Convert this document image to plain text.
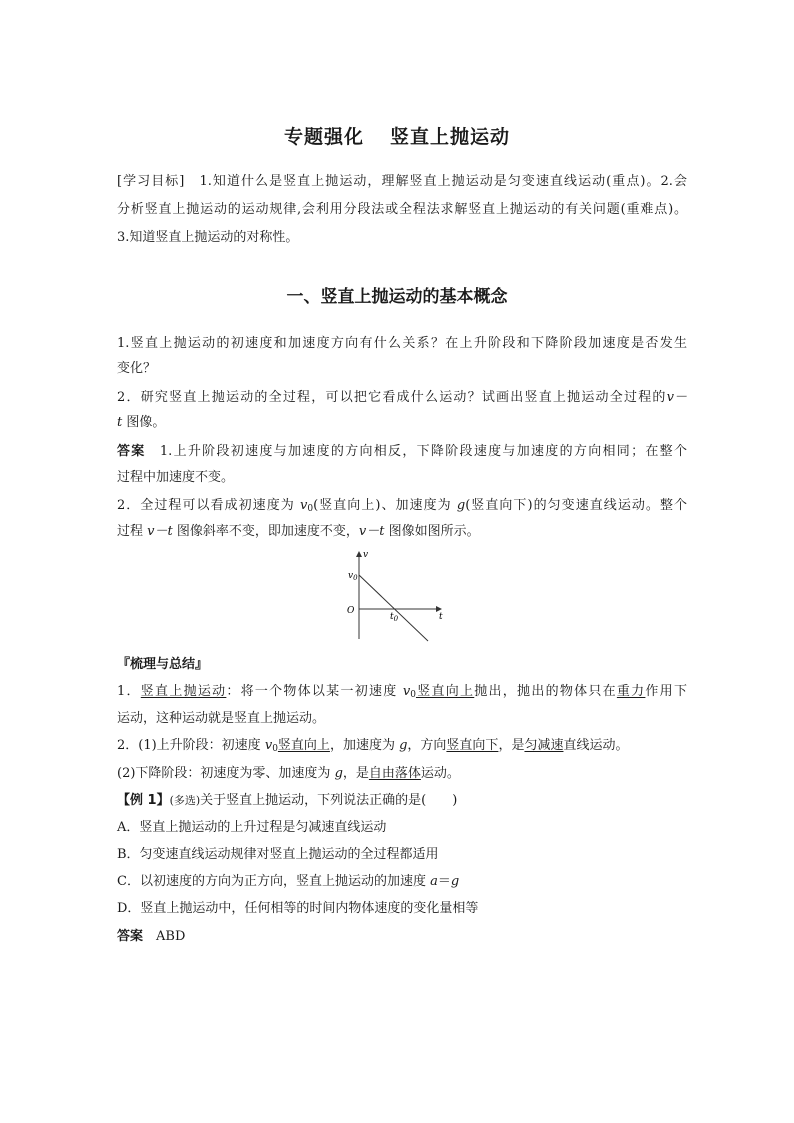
专题强化 竖直上抛运动
[学习目标]　 1.知道什么是竖直上抛运动，理解竖直上抛运动是匀变速直线运动(重点)。2.会
分析竖直上抛运动的运动规律,会利用分段法或全程法求解竖直上抛运动的有关问题(重难点)。
3.知道竖直上抛运动的对称性。
一、竖直上抛运动的基本概念
1.竖直上抛运动的初速度和加速度方向有什么关系？在上升阶段和下降阶段加速度是否发生
变化？
2．研究竖直上抛运动的全过程，可以把它看成什么运动？试画出竖直上抛运动全过程的v－
t 图像。
答案　 1.上升阶段初速度与加速度的方向相反，下降阶段速度与加速度的方向相同；在整个
过程中加速度不变。
2．全过程可以看成初速度为 $v_0$(竖直向上)、加速度为 g(竖直向下)的匀变速直线运动。整个
过程 v－t 图像斜率不变，即加速度不变，v－t 图像如图所示。
v
$v_0$
O
t
$t_0$
『梳理与总结』
1．竖直上抛运动：将一个物体以某一初速度 $v_0$竖直向上抛出，抛出的物体只在重力作用下
运动，这种运动就是竖直上抛运动。
2．(1)上升阶段：初速度 $v_0$竖直向上，加速度为 g，方向竖直向下，是匀减速直线运动。
(2)下降阶段：初速度为零、加速度为 g，是自由落体运动。
【例 1】(多选)关于竖直上抛运动，下列说法正确的是(　　)
A．竖直上抛运动的上升过程是匀减速直线运动
B．匀变速直线运动规律对竖直上抛运动的全过程都适用
C．以初速度的方向为正方向，竖直上抛运动的加速度 a＝g
D．竖直上抛运动中，任何相等的时间内物体速度的变化量相等
答案　 ABD
